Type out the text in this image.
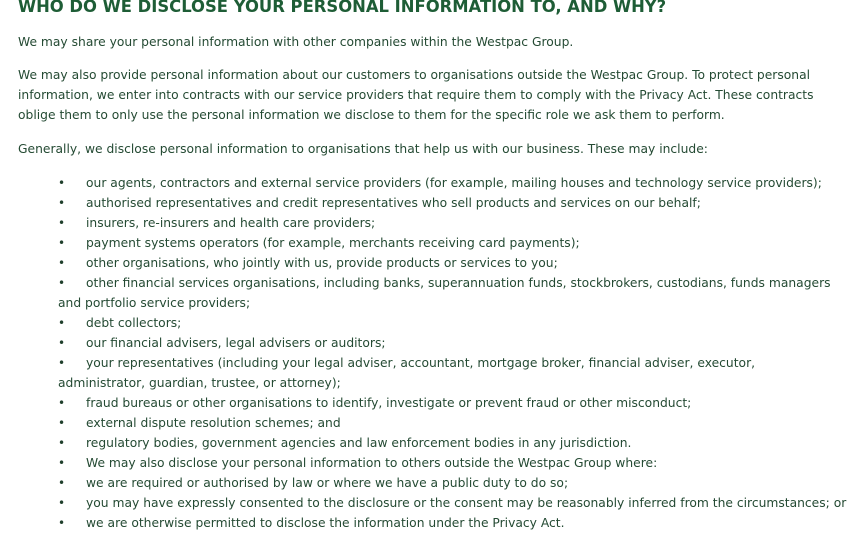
WHO DO WE DISCLOSE YOUR PERSONAL INFORMATION TO, AND WHY?

We may share your personal information with other companies within the Westpac Group.

We may also provide personal information about our customers to organisations outside the Westpac Group. To protect personal information, we enter into contracts with our service providers that require them to comply with the Privacy Act. These contracts oblige them to only use the personal information we disclose to them for the specific role we ask them to perform.

Generally, we disclose personal information to organisations that help us with our business. These may include:

• our agents, contractors and external service providers (for example, mailing houses and technology service providers);
• authorised representatives and credit representatives who sell products and services on our behalf;
• insurers, re-insurers and health care providers;
• payment systems operators (for example, merchants receiving card payments);
• other organisations, who jointly with us, provide products or services to you;
• other financial services organisations, including banks, superannuation funds, stockbrokers, custodians, funds managers and portfolio service providers;
• debt collectors;
• our financial advisers, legal advisers or auditors;
• your representatives (including your legal adviser, accountant, mortgage broker, financial adviser, executor, administrator, guardian, trustee, or attorney);
• fraud bureaus or other organisations to identify, investigate or prevent fraud or other misconduct;
• external dispute resolution schemes; and
• regulatory bodies, government agencies and law enforcement bodies in any jurisdiction.
• We may also disclose your personal information to others outside the Westpac Group where:
• we are required or authorised by law or where we have a public duty to do so;
• you may have expressly consented to the disclosure or the consent may be reasonably inferred from the circumstances; or
• we are otherwise permitted to disclose the information under the Privacy Act.
